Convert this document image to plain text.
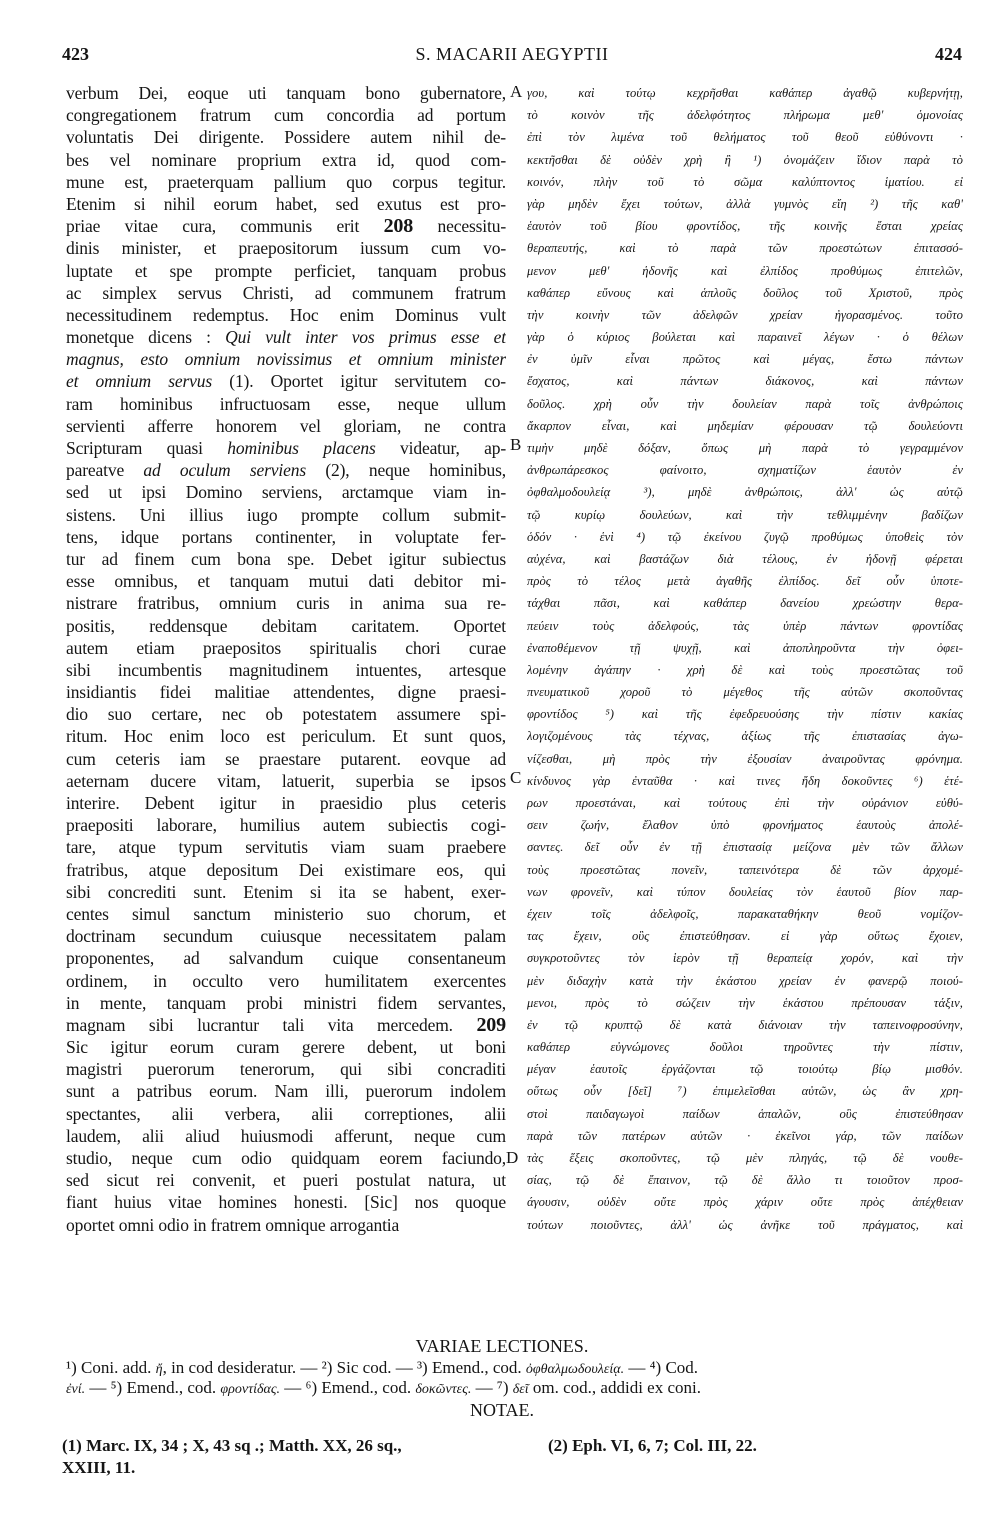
423	S. MACARII AEGYPTII	424
verbum Dei, eoque uti tanquam bono gubernatore,
congregationem fratrum cum concordia ad portum
voluntatis Dei dirigente. Possidere autem nihil de-
bes vel nominare proprium extra id, quod com-
mune est, praeterquam pallium quo corpus tegitur.
Etenim si nihil eorum habet, sed exutus est pro-
priae vitae cura, communis erit 208 necessitu-
dinis minister, et praepositorum iussum cum vo-
luptate et spe prompte perficiet, tanquam probus
ac simplex servus Christi, ad communem fratrum
necessitudinem redemptus. Hoc enim Dominus vult
monetque dicens : Qui vult inter vos primus esse et
magnus, esto omnium novissimus et omnium minister
et omnium servus (1). Oportet igitur servitutem co-
ram hominibus infructuosam esse, neque ullum
servienti afferre honorem vel gloriam, ne contra
Scripturam quasi hominibus placens videatur, ap-
pareatve ad oculum serviens (2), neque hominibus,
sed ut ipsi Domino serviens, arctamque viam in-
sistens. Uni illius iugo prompte collum submit-
tens, idque portans continenter, in voluptate fer-
tur ad finem cum bona spe. Debet igitur subiectus
esse omnibus, et tanquam mutui dati debitor mi-
nistrare fratribus, omnium curis in anima sua re-
positis, reddensque debitam caritatem. Oportet
autem etiam praepositos spiritualis chori curae
sibi incumbentis magnitudinem intuentes, artesque
insidiantis fidei malitiae attendentes, digne praesi-
dio suo certare, nec ob potestatem assumere spi-
ritum. Hoc enim loco est periculum. Et sunt quos,
cum ceteris iam se praestare putarent. eovque ad
aeternam ducere vitam, latuerit, superbia se ipsos
interire. Debent igitur in praesidio plus ceteris
praepositi laborare, humilius autem subiectis cogi-
tare, atque typum servitutis viam suam praebere
fratribus, atque depositum Dei existimare eos, qui
sibi concrediti sunt. Etenim si ita se habent, exer-
centes simul sanctum ministerio suo chorum, et
doctrinam secundum cuiusque necessitatem palam
proponentes, ad salvandum cuique consentaneum
ordinem, in occulto vero humilitatem exercentes
in mente, tanquam probi ministri fidem servantes,
magnam sibi lucrantur tali vita mercedem. 209
Sic igitur eorum curam gerere debent, ut boni
magistri puerorum tenerorum, qui sibi concraditi
sunt a patribus eorum. Nam illi, puerorum indolem
spectantes, alii verbera, alii correptiones, alii
laudem, alii aliud huiusmodi afferunt, neque cum
studio, neque cum odio quidquam eorem faciundo,
sed sicut rei convenit, et pueri postulat natura, ut
fiant huius vitae homines honesti. [Sic] nos quoque
oportet omni odio in fratrem omnique arrogantia
γου, καὶ τούτῳ κεχρῆσθαι καθάπερ ἀγαθῷ κυβερνήτῃ,
τὸ κοινὸν τῆς ἀδελφότητος πλήρωμα μεθ' ὁμονοίας
ἐπὶ τὸν λιμένα τοῦ θελήματος τοῦ θεοῦ εὐθύνοντι ·
κεκτῆσθαι δὲ οὐδὲν χρὴ ἢ ¹) ὀνομάζειν ἴδιον παρὰ τὸ
κοινόν, πλὴν τοῦ τὸ σῶμα καλύπτοντος ἱματίου. εἰ
γὰρ μηδὲν ἔχει τούτων, ἀλλὰ γυμνὸς εἴη ²) τῆς καθ'
ἑαυτὸν τοῦ βίου φροντίδος, τῆς κοινῆς ἔσται χρείας
θεραπευτής, καὶ τὸ παρὰ τῶν προεστώτων ἐπιτασσό-
μενον μεθ' ἡδονῆς καὶ ἐλπίδος προθύμως ἐπιτελῶν,
καθάπερ εὔνους καὶ ἁπλοῦς δοῦλος τοῦ Χριστοῦ, πρὸς
τὴν κοινὴν τῶν ἀδελφῶν χρείαν ἠγορασμένος. τοῦτο
γὰρ ὁ κύριος βούλεται καὶ παραινεῖ λέγων · ὁ θέλων
ἐν ὑμῖν εἶναι πρῶτος καὶ μέγας, ἔστω πάντων
ἔσχατος, καὶ πάντων διάκονος, καὶ πάντων
δοῦλος. χρὴ οὖν τὴν δουλείαν παρὰ τοῖς ἀνθρώποις
ἄκαρπον εἶναι, καὶ μηδεμίαν φέρουσαν τῷ δουλεύοντι
τιμὴν μηδὲ δόξαν, ὅπως μὴ παρὰ τὸ γεγραμμένον
ἀνθρωπάρεσκος φαίνοιτο, σχηματίζων ἑαυτὸν ἐν
ὀφθαλμοδουλείᾳ ³), μηδὲ ἀνθρώποις, ἀλλ' ὡς αὐτῷ
τῷ κυρίῳ δουλεύων, καὶ τὴν τεθλιμμένην βαδίζων
ὁδόν · ἑνὶ ⁴) τῷ ἐκείνου ζυγῷ προθύμως ὑποθεὶς τὸν
αὐχένα, καὶ βαστάζων διὰ τέλους, ἐν ἡδονῇ φέρεται
πρὸς τὸ τέλος μετὰ ἀγαθῆς ἐλπίδος. δεῖ οὖν ὑποτε-
τάχθαι πᾶσι, καὶ καθάπερ δανείου χρεώστην θερα-
πεύειν τοὺς ἀδελφούς, τὰς ὑπὲρ πάντων φροντίδας
ἐναποθέμενον τῇ ψυχῇ, καὶ ἀποπληροῦντα τὴν ὀφει-
λομένην ἀγάπην · χρὴ δὲ καὶ τοὺς προεστῶτας τοῦ
πνευματικοῦ χοροῦ τὸ μέγεθος τῆς αὐτῶν σκοποῦντας
φροντίδος ⁵) καὶ τῆς ἐφεδρευούσης τὴν πίστιν κακίας
λογιζομένους τὰς τέχνας, ἀξίως τῆς ἐπιστασίας ἀγω-
νίζεσθαι, μὴ πρὸς τὴν ἐξουσίαν ἀναιροῦντας φρόνημα.
κίνδυνος γὰρ ἐνταῦθα · καὶ τινες ἤδη δοκοῦντες ⁶) ἑτέ-
ρων προεστάναι, καὶ τούτους ἐπὶ τὴν οὐράνιον εὐθύ-
σειν ζωήν, ἔλαθον ὑπὸ φρονήματος ἑαυτοὺς ἀπολέ-
σαντες. δεῖ οὖν ἐν τῇ ἐπιστασίᾳ μείζονα μὲν τῶν ἄλλων
τοὺς προεστῶτας πονεῖν, ταπεινότερα δὲ τῶν ἀρχομέ-
νων φρονεῖν, καὶ τύπον δουλείας τὸν ἑαυτοῦ βίον παρ-
έχειν τοῖς ἀδελφοῖς, παρακαταθήκην θεοῦ νομίζον-
τας ἔχειν, οὓς ἐπιστεύθησαν. εἰ γὰρ οὕτως ἔχοιεν,
συγκροτοῦντες τὸν ἱερὸν τῇ θεραπείᾳ χορόν, καὶ τὴν
μὲν διδαχὴν κατὰ τὴν ἑκάστου χρείαν ἐν φανερῷ ποιού-
μενοι, πρὸς τὸ σώζειν τὴν ἑκάστου πρέπουσαν τάξιν,
ἐν τῷ κρυπτῷ δὲ κατὰ διάνοιαν τὴν ταπεινοφροσύνην,
καθάπερ εὐγνώμονες δοῦλοι τηροῦντες τὴν πίστιν,
μέγαν ἑαυτοῖς ἐργάζονται τῷ τοιούτῳ βίῳ μισθόν.
οὕτως οὖν [δεῖ] ⁷) ἐπιμελεῖσθαι αὐτῶν, ὡς ἂν χρη-
στοὶ παιδαγωγοὶ παίδων ἁπαλῶν, οὓς ἐπιστεύθησαν
παρὰ τῶν πατέρων αὐτῶν · ἐκεῖνοι γάρ, τῶν παίδων
τὰς ἕξεις σκοποῦντες, τῷ μὲν πληγάς, τῷ δὲ νουθε-
σίας, τῷ δὲ ἔπαινον, τῷ δὲ ἄλλο τι τοιοῦτον προσ-
άγουσιν, οὐδὲν οὔτε πρὸς χάριν οὔτε πρὸς ἀπέχθειαν
τούτων ποιοῦντες, ἀλλ' ὡς ἀνῆκε τοῦ πράγματος, καὶ
A
B
C
D
VARIAE LECTIONES.
¹) Coni. add. ἤ, in cod desideratur. — ²) Sic cod. — ³) Emend., cod. ὀφθαλμωδουλείᾳ. — ⁴) Cod.
ἐνί. — ⁵) Emend., cod. φροντίδας. — ⁶) Emend., cod. δοκῶντες. — ⁷) δεῖ om. cod., addidi ex coni.
NOTAE.
(1) Marc. IX, 34 ; X, 43 sq .; Matth. XX, 26 sq.,
XXIII, 11.
(2) Eph. VI, 6, 7; Col. III, 22.
